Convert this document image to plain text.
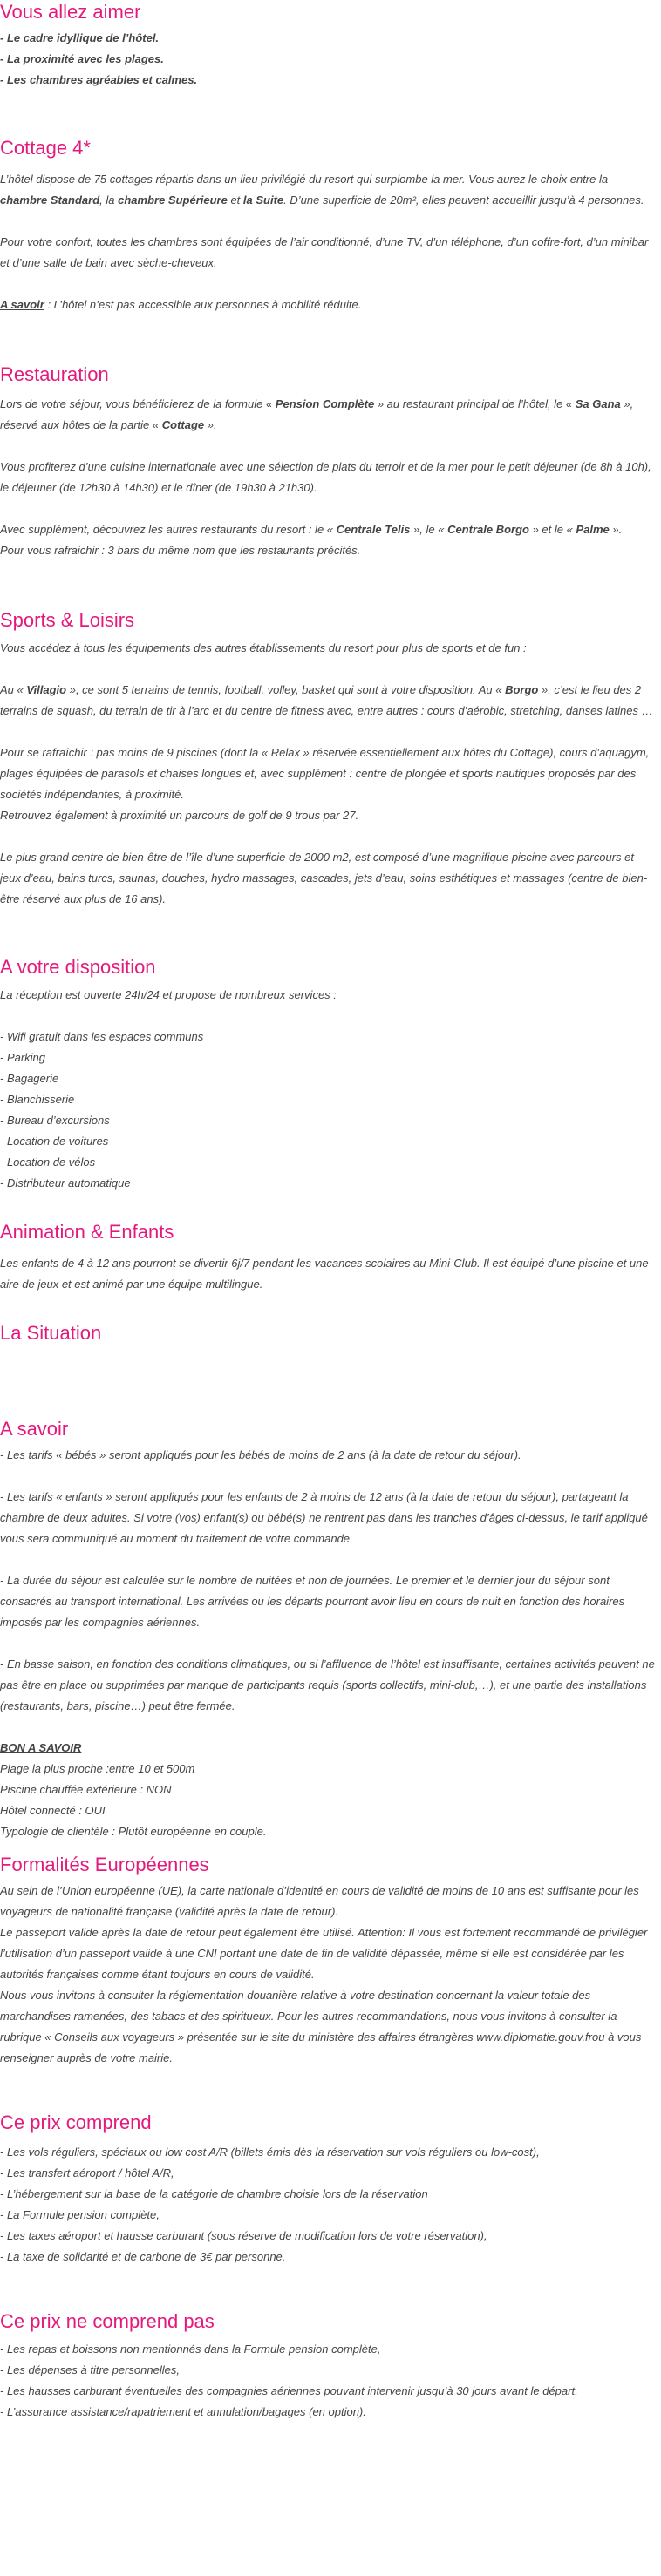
Vous allez aimer
- Le cadre idyllique de l’hôtel.
- La proximité avec les plages.
- Les chambres agréables et calmes.
Cottage 4*

L’hôtel dispose de 75 cottages répartis dans un lieu privilégié du resort qui surplombe la mer. Vous aurez le choix entre la chambre Standard, la chambre Supérieure et la Suite. D’une superficie de 20m², elles peuvent accueillir jusqu’à 4 personnes.

Pour votre confort, toutes les chambres sont équipées de l’air conditionné, d’une TV, d’un téléphone, d’un coffre-fort, d’un minibar et d’une salle de bain avec sèche-cheveux.

A savoir : L’hôtel n’est pas accessible aux personnes à mobilité réduite.

Restauration

Lors de votre séjour, vous bénéficierez de la formule « Pension Complète » au restaurant principal de l’hôtel, le « Sa Gana », réservé aux hôtes de la partie « Cottage ».

Vous profiterez d’une cuisine internationale avec une sélection de plats du terroir et de la mer pour le petit déjeuner (de 8h à 10h), le déjeuner (de 12h30 à 14h30) et le dîner (de 19h30 à 21h30).

Avec supplément, découvrez les autres restaurants du resort : le « Centrale Telis », le « Centrale Borgo » et le « Palme ».

Pour vous rafraichir : 3 bars du même nom que les restaurants précités.

Sports & Loisirs

Vous accédez à tous les équipements des autres établissements du resort pour plus de sports et de fun :

Au « Villagio », ce sont 5 terrains de tennis, football, volley, basket qui sont à votre disposition. Au « Borgo », c’est le lieu des 2 terrains de squash, du terrain de tir à l’arc et du centre de fitness avec, entre autres : cours d’aérobic, stretching, danses latines …

Pour se rafraîchir : pas moins de 9 piscines (dont la « Relax » réservée essentiellement aux hôtes du Cottage), cours d’aquagym, plages équipées de parasols et chaises longues et, avec supplément : centre de plongée et sports nautiques proposés par des sociétés indépendantes, à proximité.

Retrouvez également à proximité un parcours de golf de 9 trous par 27.

Le plus grand centre de bien-être de l’île d’une superficie de 2000 m2, est composé d’une magnifique piscine avec parcours et jeux d’eau, bains turcs, saunas, douches, hydro massages, cascades, jets d’eau, soins esthétiques et massages (centre de bien-être réservé aux plus de 16 ans).

A votre disposition

La réception est ouverte 24h/24 et propose de nombreux services :

- Wifi gratuit dans les espaces communs
- Parking
- Bagagerie
- Blanchisserie
- Bureau d’excursions
- Location de voitures
- Location de vélos
- Distributeur automatique
Animation & Enfants

Les enfants de 4 à 12 ans pourront se divertir 6j/7 pendant les vacances scolaires au Mini-Club. Il est équipé d’une piscine et une aire de jeux et est animé par une équipe multilingue.

La Situation
A savoir

- Les tarifs « bébés » seront appliqués pour les bébés de moins de 2 ans (à la date de retour du séjour).

- Les tarifs « enfants » seront appliqués pour les enfants de 2 à moins de 12 ans (à la date de retour du séjour), partageant la chambre de deux adultes. Si votre (vos) enfant(s) ou bébé(s) ne rentrent pas dans les tranches d’âges ci-dessus, le tarif appliqué vous sera communiqué au moment du traitement de votre commande.

- La durée du séjour est calculée sur le nombre de nuitées et non de journées. Le premier et le dernier jour du séjour sont consacrés au transport international. Les arrivées ou les départs pourront avoir lieu en cours de nuit en fonction des horaires imposés par les compagnies aériennes.

- En basse saison, en fonction des conditions climatiques, ou si l’affluence de l’hôtel est insuffisante, certaines activités peuvent ne pas être en place ou supprimées par manque de participants requis (sports collectifs, mini-club,…), et une partie des installations (restaurants, bars, piscine…) peut être fermée.

BON A SAVOIR
Plage la plus proche :entre 10 et 500m
Piscine chauffée extérieure : NON
Hôtel connecté : OUI
Typologie de clientèle : Plutôt européenne en couple.
Formalités Européennes

Au sein de l’Union européenne (UE), la carte nationale d’identité en cours de validité de moins de 10 ans est suffisante pour les voyageurs de nationalité française (validité après la date de retour).

Le passeport valide après la date de retour peut également être utilisé. Attention: Il vous est fortement recommandé de privilégier l’utilisation d’un passeport valide à une CNI portant une date de fin de validité dépassée, même si elle est considérée par les autorités françaises comme étant toujours en cours de validité.

Nous vous invitons à consulter la réglementation douanière relative à votre destination concernant la valeur totale des marchandises ramenées, des tabacs et des spiritueux. Pour les autres recommandations, nous vous invitons à consulter la rubrique « Conseils aux voyageurs » présentée sur le site du ministère des affaires étrangères www.diplomatie.gouv.frou à vous renseigner auprès de votre mairie.

Ce prix comprend
- Les vols réguliers, spéciaux ou low cost A/R (billets émis dès la réservation sur vols réguliers ou low-cost),
- Les transfert aéroport / hôtel A/R,
- L’hébergement sur la base de la catégorie de chambre choisie lors de la réservation
- La Formule pension complète,
- Les taxes aéroport et hausse carburant (sous réserve de modification lors de votre réservation),
- La taxe de solidarité et de carbone de 3€ par personne.
Ce prix ne comprend pas
- Les repas et boissons non mentionnés dans la Formule pension complète,
- Les dépenses à titre personnelles,
- Les hausses carburant éventuelles des compagnies aériennes pouvant intervenir jusqu’à 30 jours avant le départ,
- L’assurance assistance/rapatriement et annulation/bagages (en option).
